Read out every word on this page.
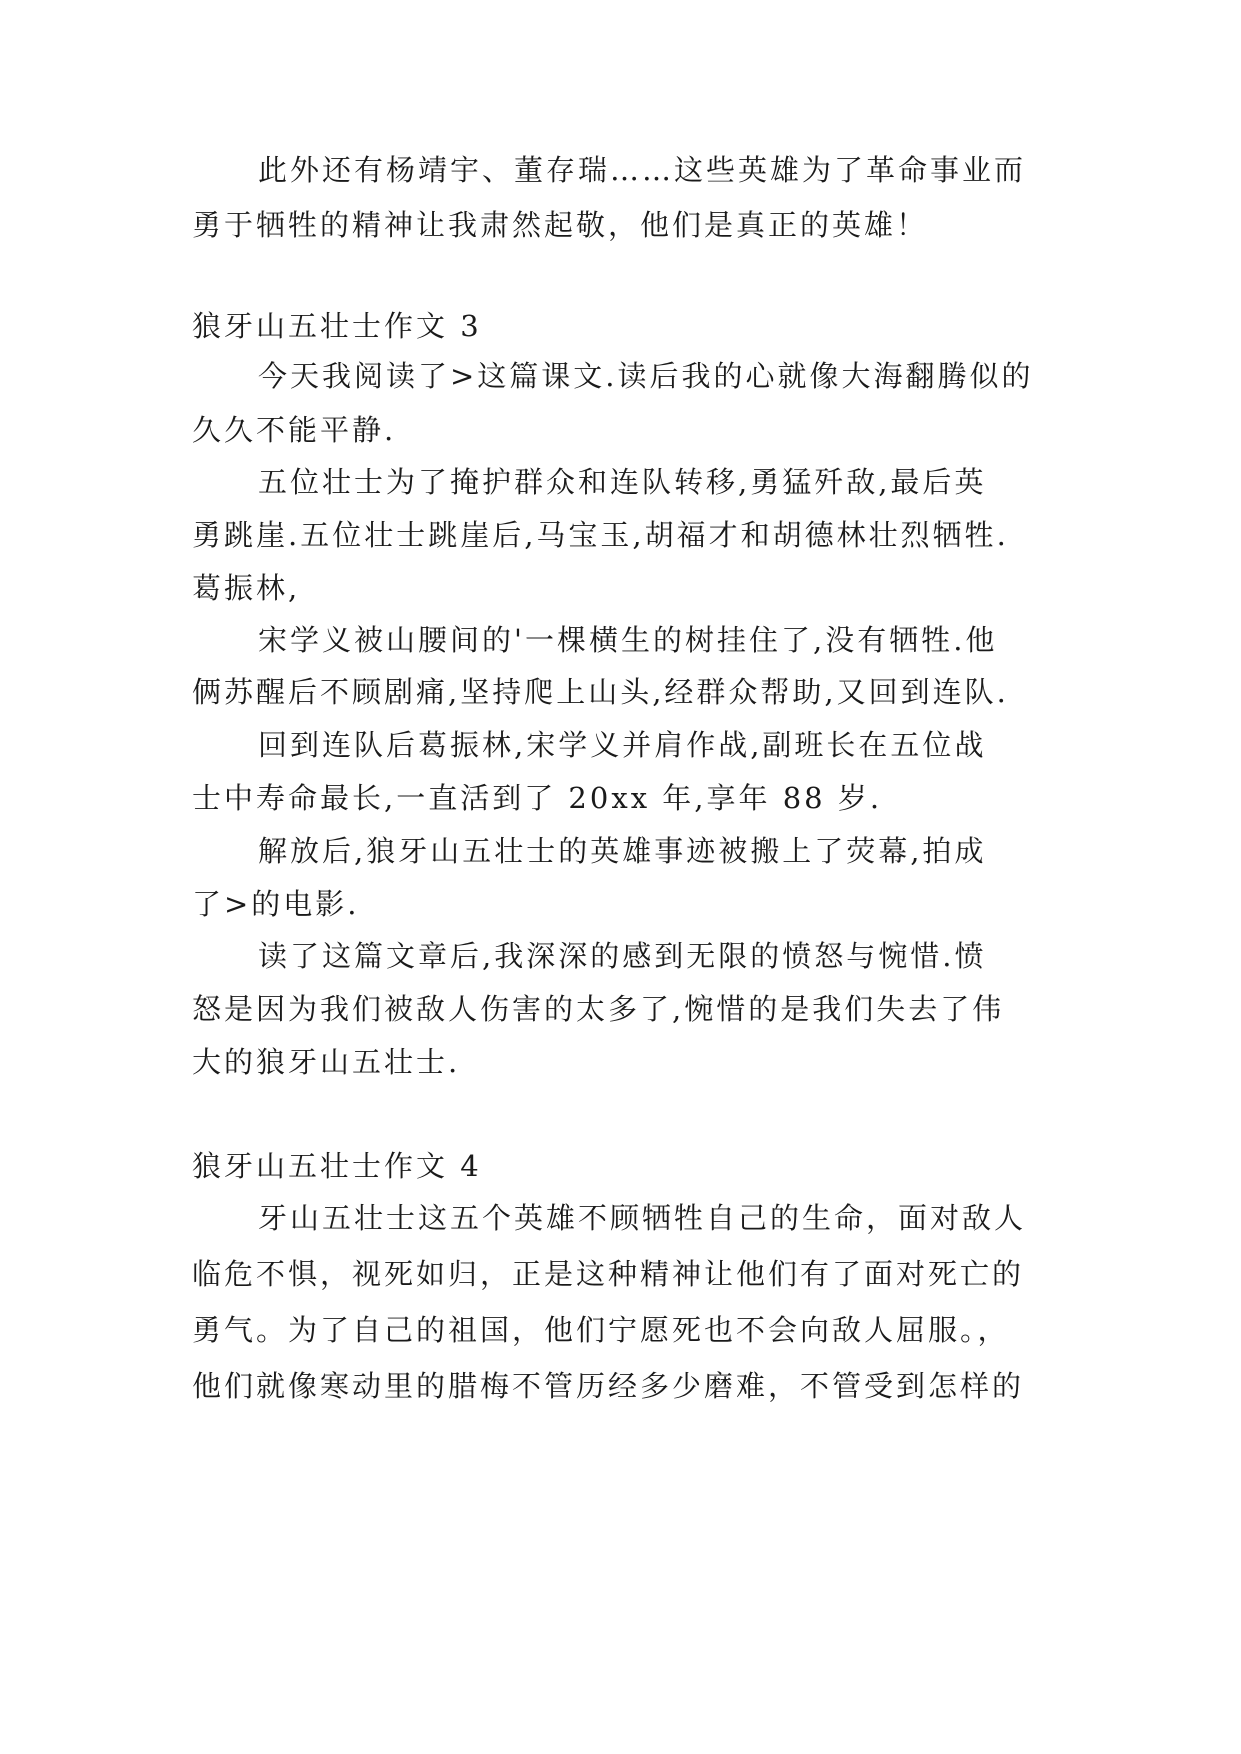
此外还有杨靖宇、董存瑞……这些英雄为了革命事业而
勇于牺牲的精神让我肃然起敬，他们是真正的英雄！
狼牙山五壮士作文 3
今天我阅读了>这篇课文.读后我的心就像大海翻腾似的
久久不能平静.
五位壮士为了掩护群众和连队转移,勇猛歼敌,最后英
勇跳崖.五位壮士跳崖后,马宝玉,胡福才和胡德林壮烈牺牲.
葛振林,
宋学义被山腰间的'一棵横生的树挂住了,没有牺牲.他
俩苏醒后不顾剧痛,坚持爬上山头,经群众帮助,又回到连队.
回到连队后葛振林,宋学义并肩作战,副班长在五位战
士中寿命最长,一直活到了 20xx 年,享年 88 岁.
解放后,狼牙山五壮士的英雄事迹被搬上了荧幕,拍成
了>的电影.
读了这篇文章后,我深深的感到无限的愤怒与惋惜.愤
怒是因为我们被敌人伤害的太多了,惋惜的是我们失去了伟
大的狼牙山五壮士.
狼牙山五壮士作文 4
牙山五壮士这五个英雄不顾牺牲自己的生命，面对敌人
临危不惧，视死如归，正是这种精神让他们有了面对死亡的
勇气。为了自己的祖国，他们宁愿死也不会向敌人屈服。，
他们就像寒动里的腊梅不管历经多少磨难，不管受到怎样的
